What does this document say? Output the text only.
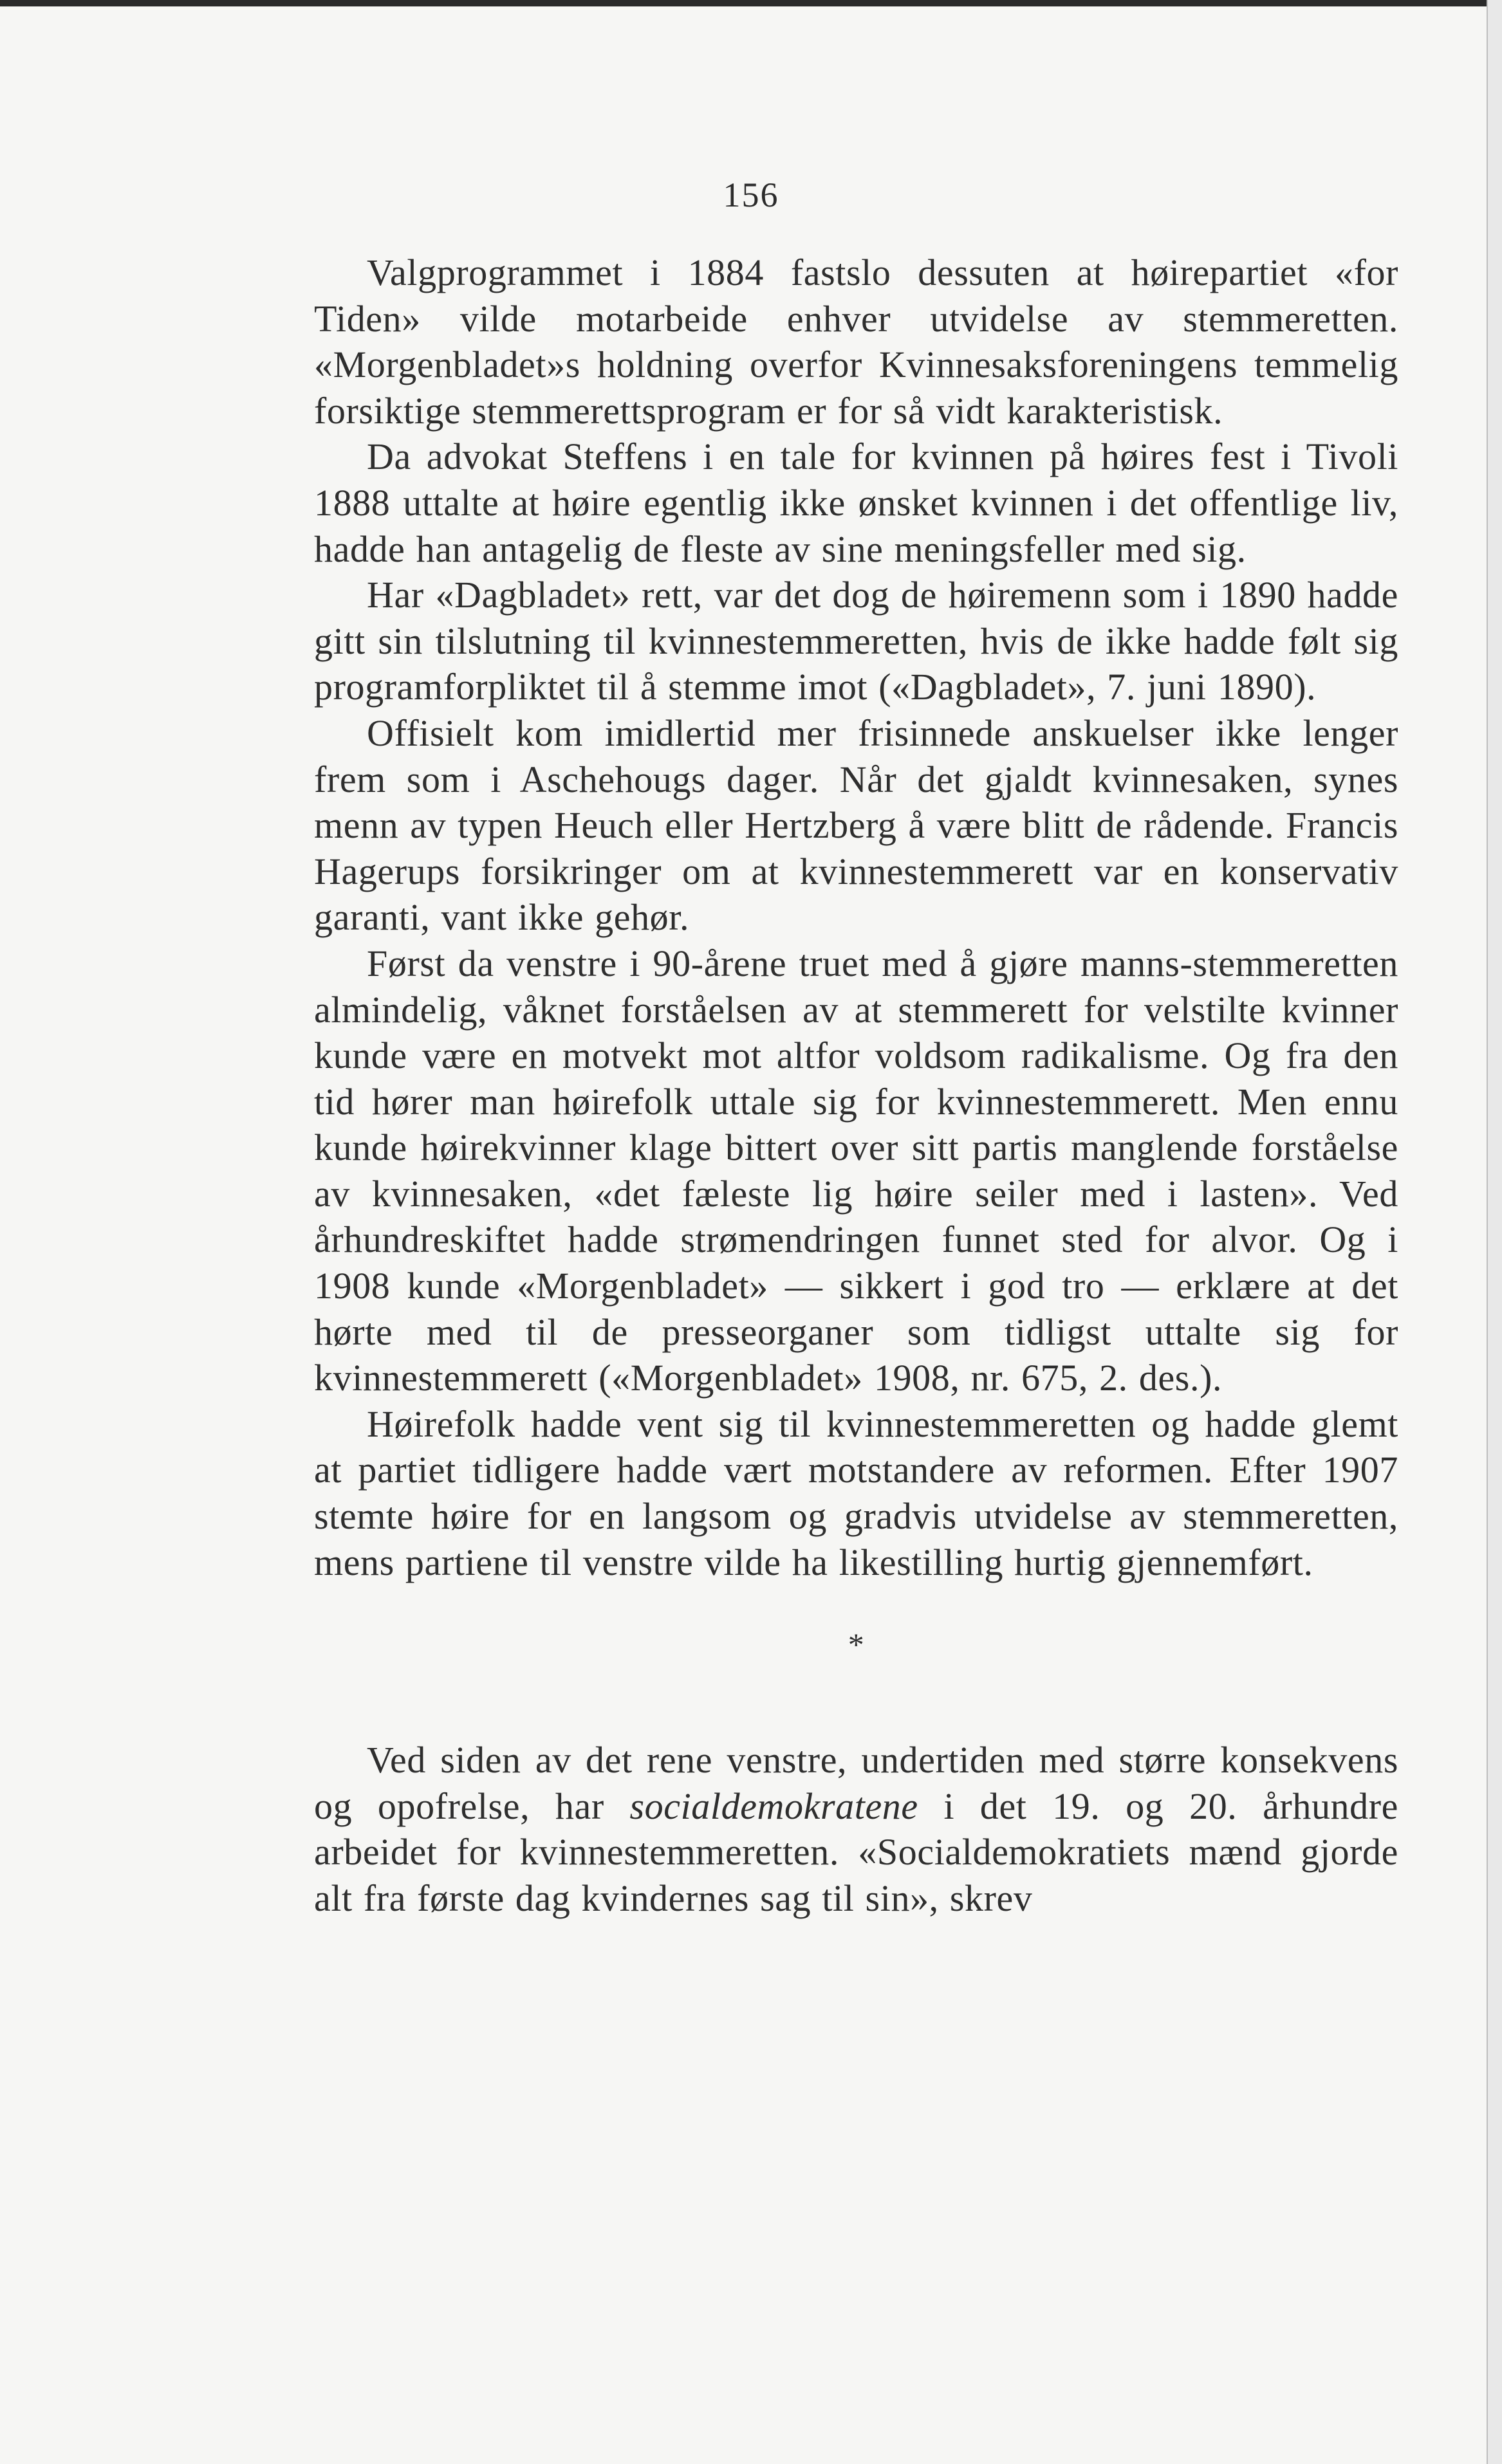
156

Valgprogrammet i 1884 fastslo dessuten at høirepartiet «for Tiden» vilde motarbeide enhver utvidelse av stemmeretten. «Morgenbladet»s holdning overfor Kvinnesaksforeningens temmelig forsiktige stemmerettsprogram er for så vidt karakteristisk.

Da advokat Steffens i en tale for kvinnen på høires fest i Tivoli 1888 uttalte at høire egentlig ikke ønsket kvinnen i det offentlige liv, hadde han antagelig de fleste av sine meningsfeller med sig.

Har «Dagbladet» rett, var det dog de høiremenn som i 1890 hadde gitt sin tilslutning til kvinnestemmeretten, hvis de ikke hadde følt sig programforpliktet til å stemme imot («Dagbladet», 7. juni 1890).

Offisielt kom imidlertid mer frisinnede anskuelser ikke lenger frem som i Aschehougs dager. Når det gjaldt kvinnesaken, synes menn av typen Heuch eller Hertzberg å være blitt de rådende. Francis Hagerups forsikringer om at kvinnestemmerett var en konservativ garanti, vant ikke gehør.

Først da venstre i 90-årene truet med å gjøre manns-stemmeretten almindelig, våknet forståelsen av at stemmerett for velstilte kvinner kunde være en motvekt mot altfor voldsom radikalisme. Og fra den tid hører man høirefolk uttale sig for kvinnestemmerett. Men ennu kunde høirekvinner klage bittert over sitt partis manglende forståelse av kvinnesaken, «det fæleste lig høire seiler med i lasten». Ved århundreskiftet hadde strømendringen funnet sted for alvor. Og i 1908 kunde «Morgenbladet» — sikkert i god tro — erklære at det hørte med til de presseorganer som tidligst uttalte sig for kvinnestemmerett («Morgenbladet» 1908, nr. 675, 2. des.).

Høirefolk hadde vent sig til kvinnestemmeretten og hadde glemt at partiet tidligere hadde vært motstandere av reformen. Efter 1907 stemte høire for en langsom og gradvis utvidelse av stemmeretten, mens partiene til venstre vilde ha likestilling hurtig gjennemført.

*

Ved siden av det rene venstre, undertiden med større konsekvens og opofrelse, har socialdemokratene i det 19. og 20. århundre arbeidet for kvinnestemmeretten. «Socialdemokratiets mænd gjorde alt fra første dag kvindernes sag til sin», skrev
